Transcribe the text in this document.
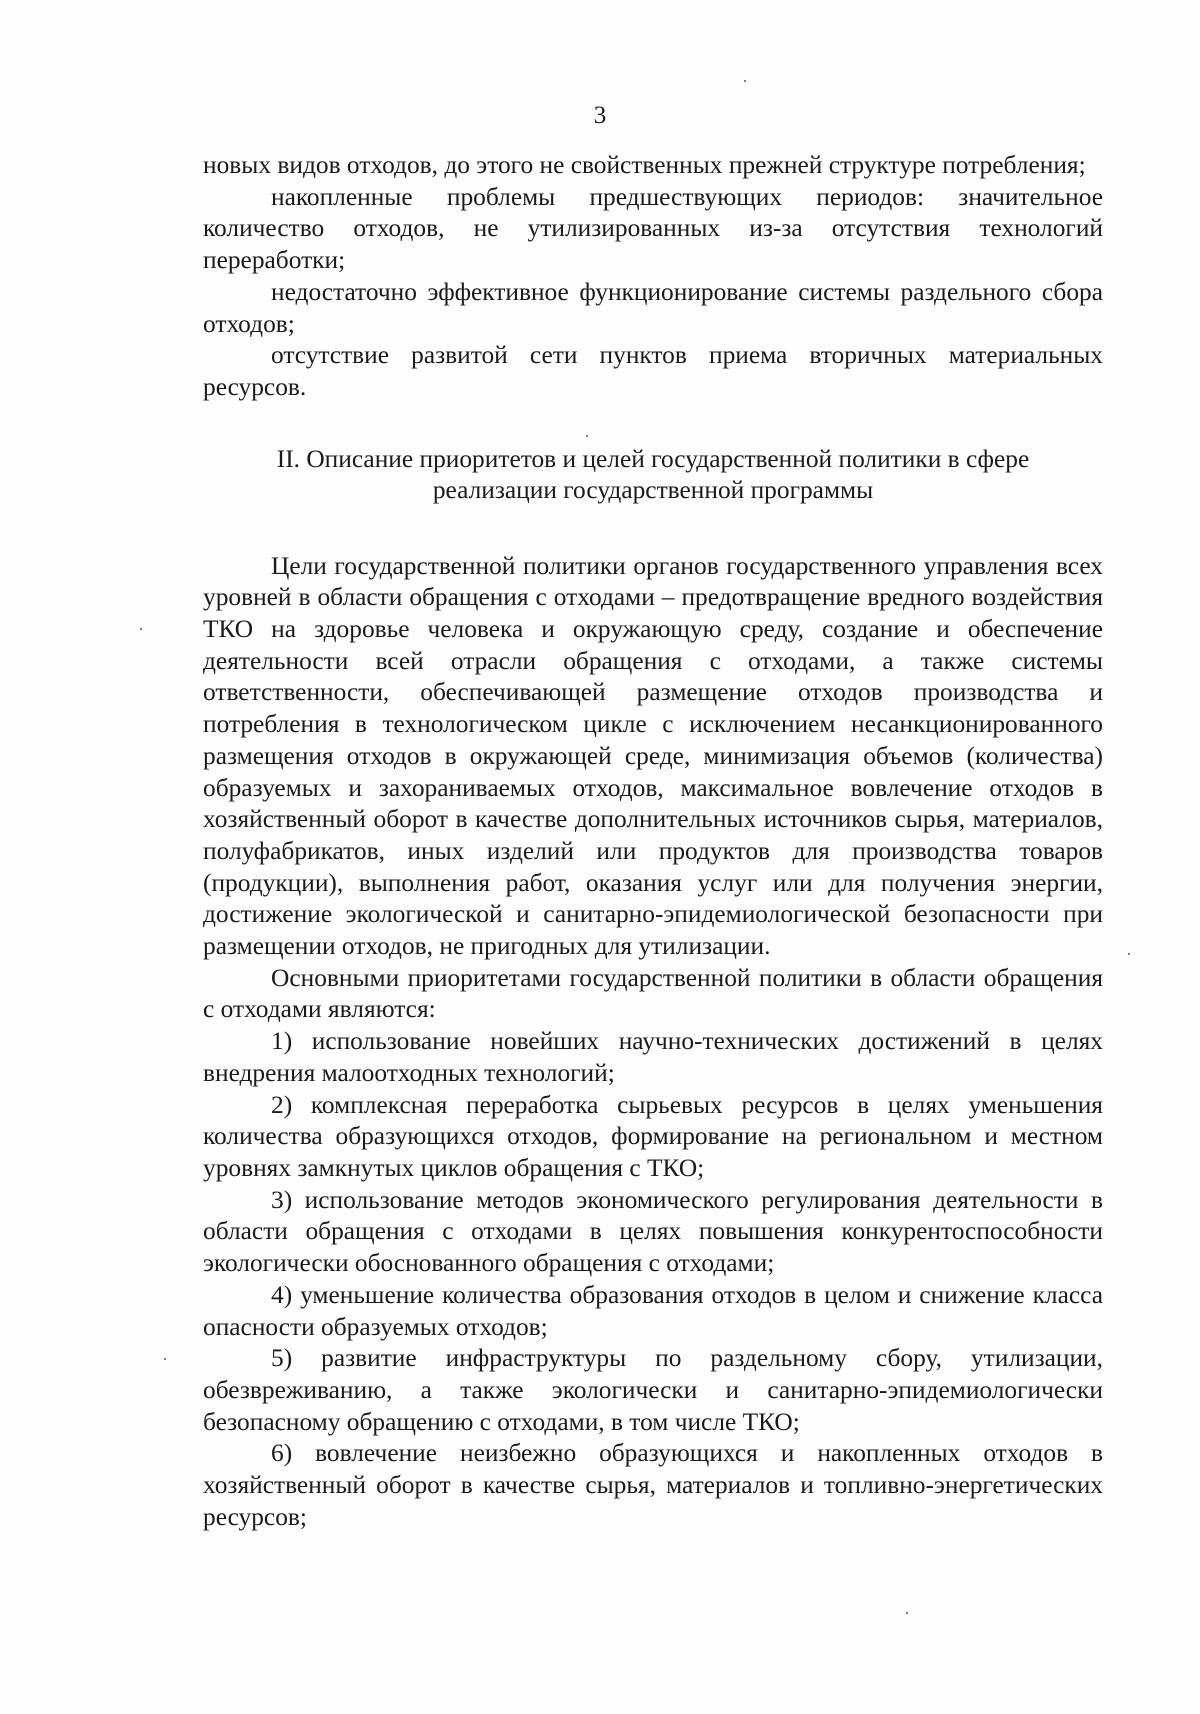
3

новых видов отходов, до этого не свойственных прежней структуре потребления;

накопленные проблемы предшествующих периодов: значительное количество отходов, не утилизированных из-за отсутствия технологий переработки;

недостаточно эффективное функционирование системы раздельного сбора отходов;

отсутствие развитой сети пунктов приема вторичных материальных ресурсов.

II. Описание приоритетов и целей государственной политики в сфере
реализации государственной программы

Цели государственной политики органов государственного управления всех уровней в области обращения с отходами – предотвращение вредного воздействия ТКО на здоровье человека и окружающую среду, создание и обеспечение деятельности всей отрасли обращения с отходами, а также системы ответственности, обеспечивающей размещение отходов производства и потребления в технологическом цикле с исключением несанкционированного размещения отходов в окружающей среде, минимизация объемов (количества) образуемых и захораниваемых отходов, максимальное вовлечение отходов в хозяйственный оборот в качестве дополнительных источников сырья, материалов, полуфабрикатов, иных изделий или продуктов для производства товаров (продукции), выполнения работ, оказания услуг или для получения энергии, достижение экологической и санитарно-эпидемиологической безопасности при размещении отходов, не пригодных для утилизации.

Основными приоритетами государственной политики в области обращения с отходами являются:

1) использование новейших научно-технических достижений в целях внедрения малоотходных технологий;

2) комплексная переработка сырьевых ресурсов в целях уменьшения количества образующихся отходов, формирование на региональном и местном уровнях замкнутых циклов обращения с ТКО;

3) использование методов экономического регулирования деятельности в области обращения с отходами в целях повышения конкурентоспособности экологически обоснованного обращения с отходами;

4) уменьшение количества образования отходов в целом и снижение класса опасности образуемых отходов;

5) развитие инфраструктуры по раздельному сбору, утилизации, обезвреживанию, а также экологически и санитарно-эпидемиологически безопасному обращению с отходами, в том числе ТКО;

6) вовлечение неизбежно образующихся и накопленных отходов в хозяйственный оборот в качестве сырья, материалов и топливно-энергетических ресурсов;
